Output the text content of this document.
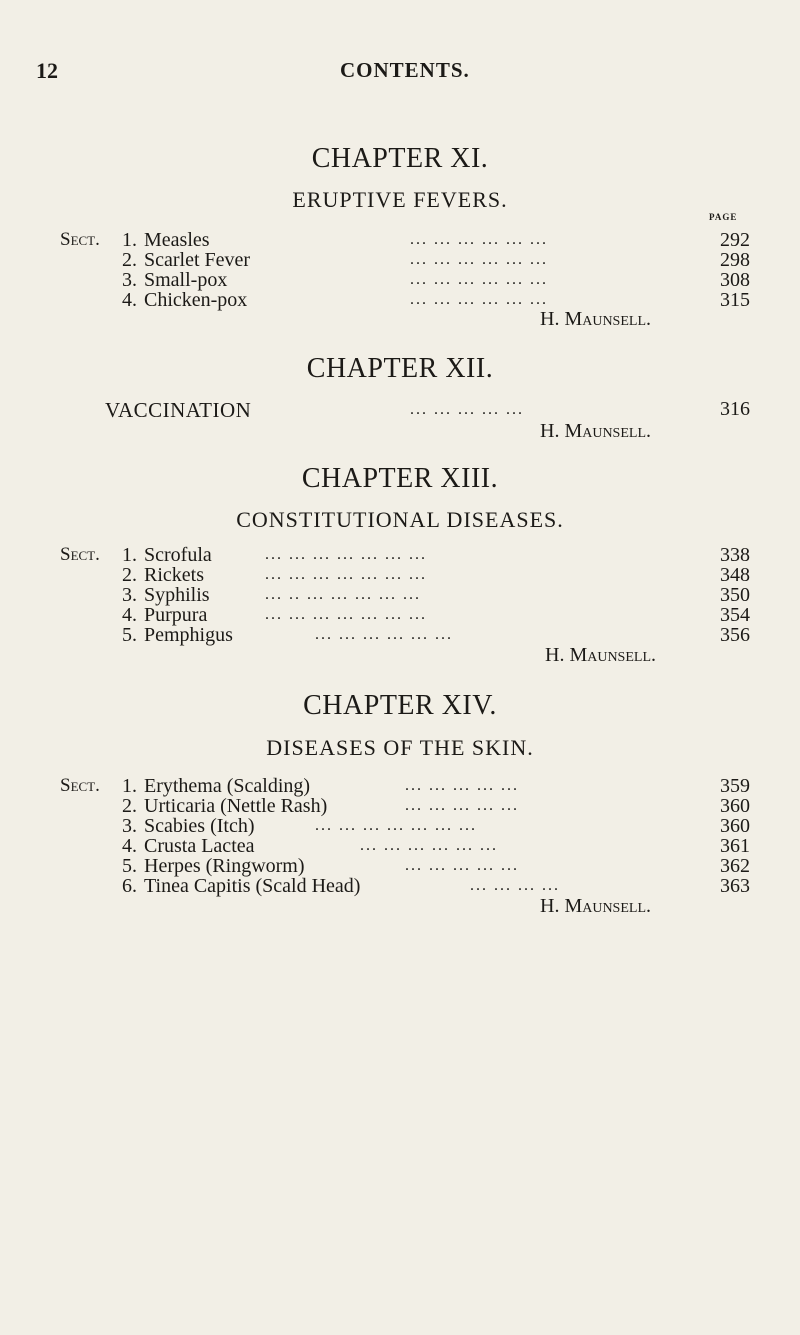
12	CONTENTS.
CHAPTER XI.
ERUPTIVE FEVERS.
PAGE
Sect. 1. Measles	... ... ... ... ... ...	292
2. Scarlet Fever	... ... ... ... ... ...	298
3. Small-pox	... ... ... ... ... ...	308
4. Chicken-pox	... ... ... ... ... ...	315
H. Maunsell.
CHAPTER XII.
VACCINATION	... ... ... ... ...	316
H. Maunsell.
CHAPTER XIII.
CONSTITUTIONAL DISEASES.
Sect. 1. Scrofula	... ... ... ... ... ... ...	338
2. Rickets	... ... ... ... ... ... ...	348
3. Syphilis	... .. ... ... ... ... ...	350
4. Purpura	... ... ... ... ... ... ...	354
5. Pemphigus	... ... ... ... ... ...	356
H. Maunsell.
CHAPTER XIV.
DISEASES OF THE SKIN.
Sect. 1. Erythema (Scalding)	... ... ... ... ...	359
2. Urticaria (Nettle Rash)	... ... ... ... ...	360
3. Scabies (Itch)	... ... ... ... ... ... ...	360
4. Crusta Lactea	... ... ... ... ... ...	361
5. Herpes (Ringworm)	... ... ... ... ...	362
6. Tinea Capitis (Scald Head)	... ... ... ...	363
H. Maunsell.
